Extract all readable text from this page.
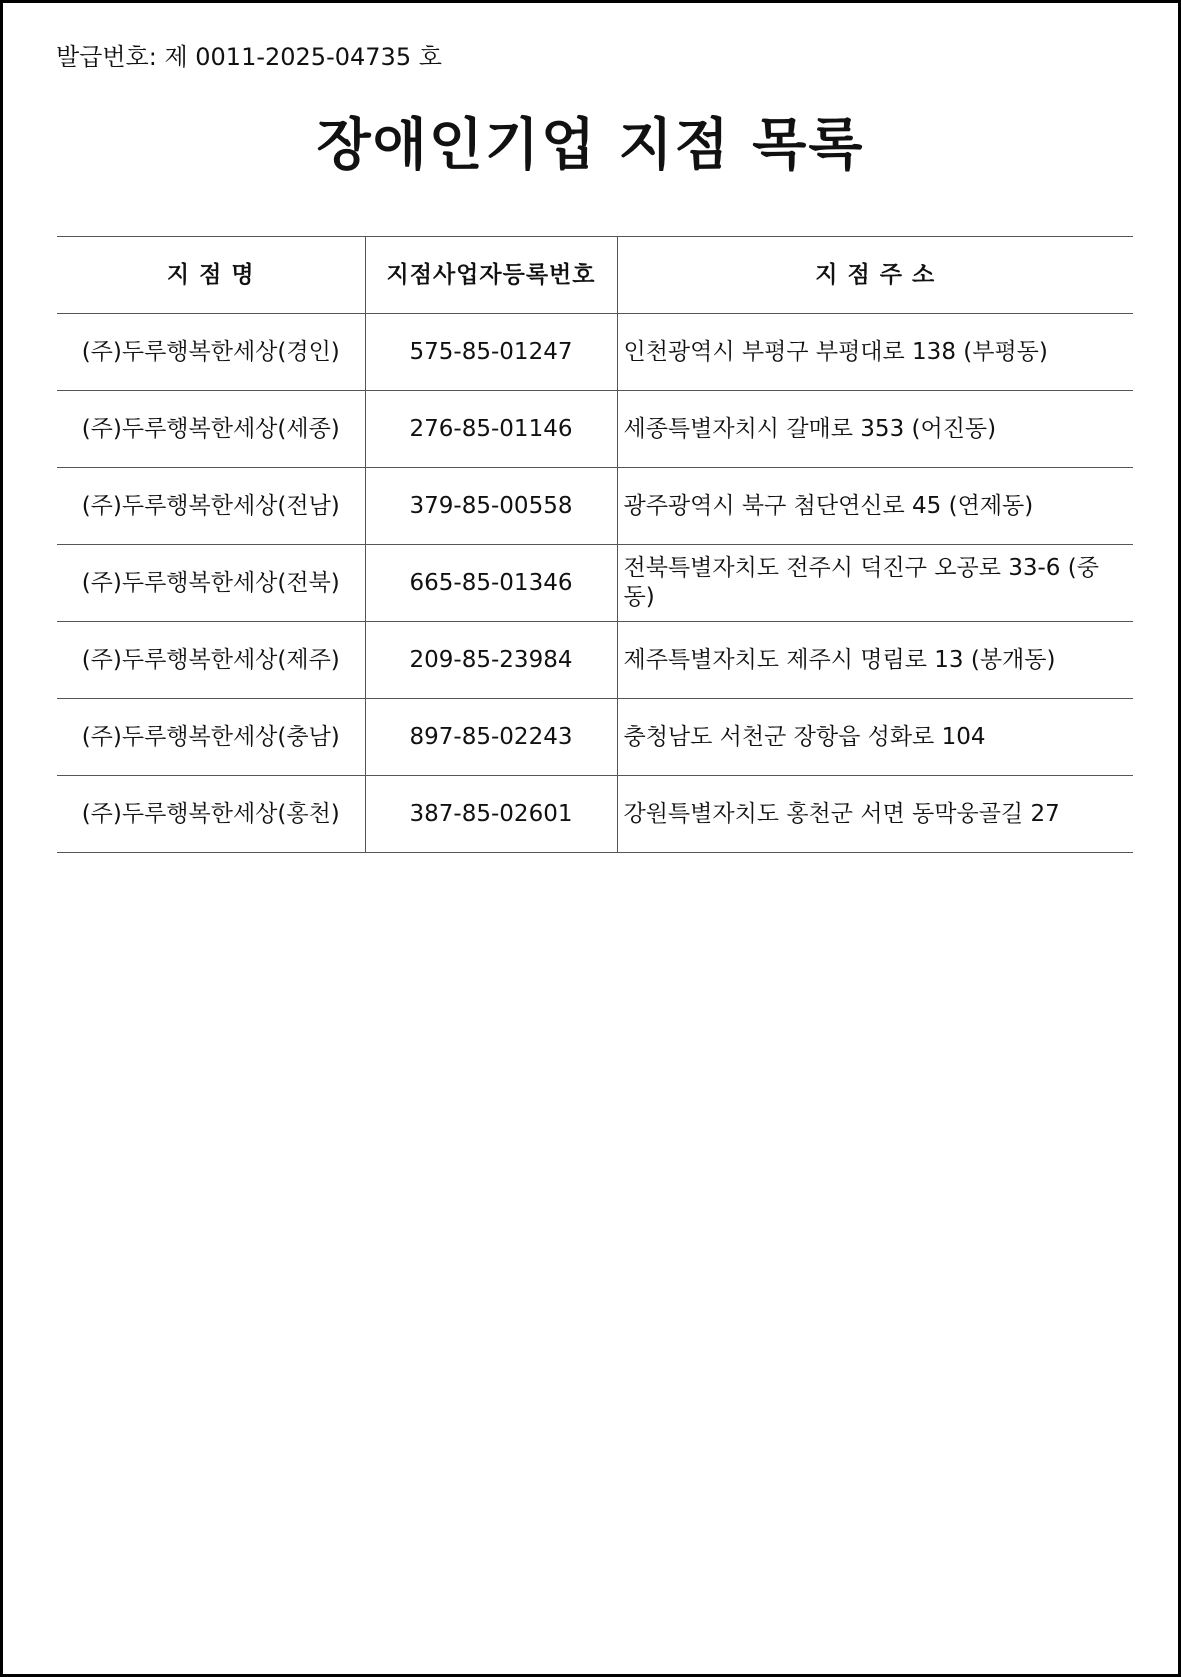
발급번호: 제 0011-2025-04735 호
장애인기업 지점 목록
지 점 명	지점사업자등록번호	지 점 주 소
(주)두루행복한세상(경인)	575-85-01247	인천광역시 부평구 부평대로 138 (부평동)
(주)두루행복한세상(세종)	276-85-01146	세종특별자치시 갈매로 353 (어진동)
(주)두루행복한세상(전남)	379-85-00558	광주광역시 북구 첨단연신로 45 (연제동)
(주)두루행복한세상(전북)	665-85-01346	전북특별자치도 전주시 덕진구 오공로 33-6 (중동)
(주)두루행복한세상(제주)	209-85-23984	제주특별자치도 제주시 명림로 13 (봉개동)
(주)두루행복한세상(충남)	897-85-02243	충청남도 서천군 장항읍 성화로 104
(주)두루행복한세상(홍천)	387-85-02601	강원특별자치도 홍천군 서면 동막웅골길 27
